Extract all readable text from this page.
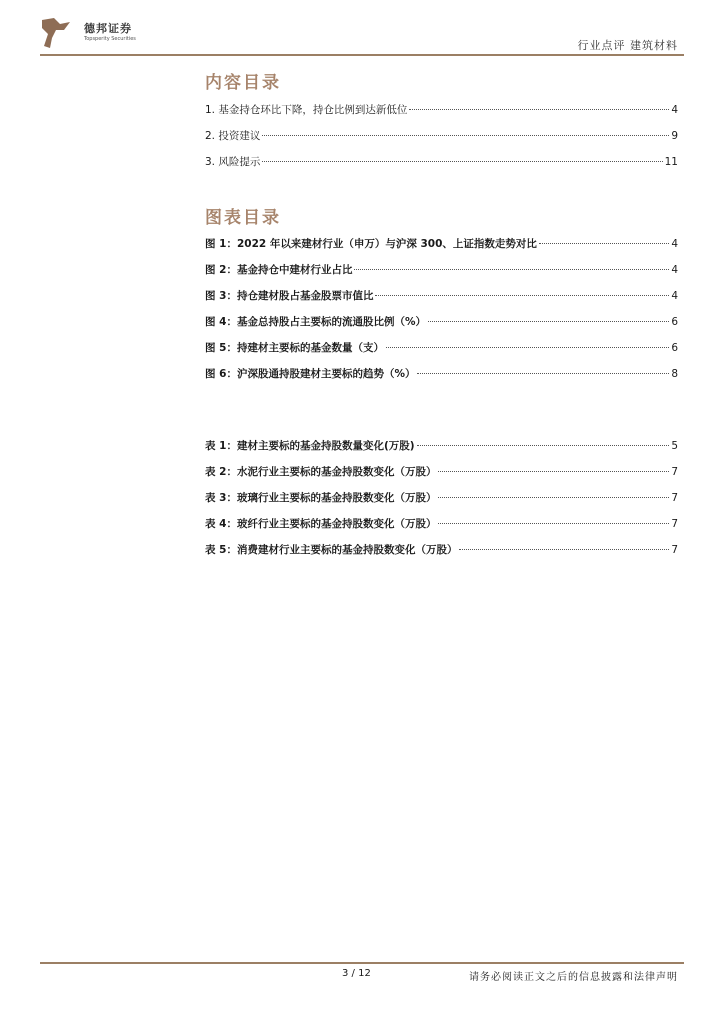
德邦证券
Topsperity Securities	行业点评 建筑材料
内容目录
1. 基金持仓环比下降，持仓比例到达新低位	4
2. 投资建议	9
3. 风险提示	11
图表目录
图 1：2022 年以来建材行业（申万）与沪深 300、上证指数走势对比	4
图 2：基金持仓中建材行业占比	4
图 3：持仓建材股占基金股票市值比	4
图 4：基金总持股占主要标的流通股比例（%）	6
图 5：持建材主要标的基金数量（支）	6
图 6：沪深股通持股建材主要标的趋势（%）	8
表 1：建材主要标的基金持股数量变化(万股)	5
表 2：水泥行业主要标的基金持股数变化（万股）	7
表 3：玻璃行业主要标的基金持股数变化（万股）	7
表 4：玻纤行业主要标的基金持股数变化（万股）	7
表 5：消费建材行业主要标的基金持股数变化（万股）	7
3 / 12	请务必阅读正文之后的信息披露和法律声明
